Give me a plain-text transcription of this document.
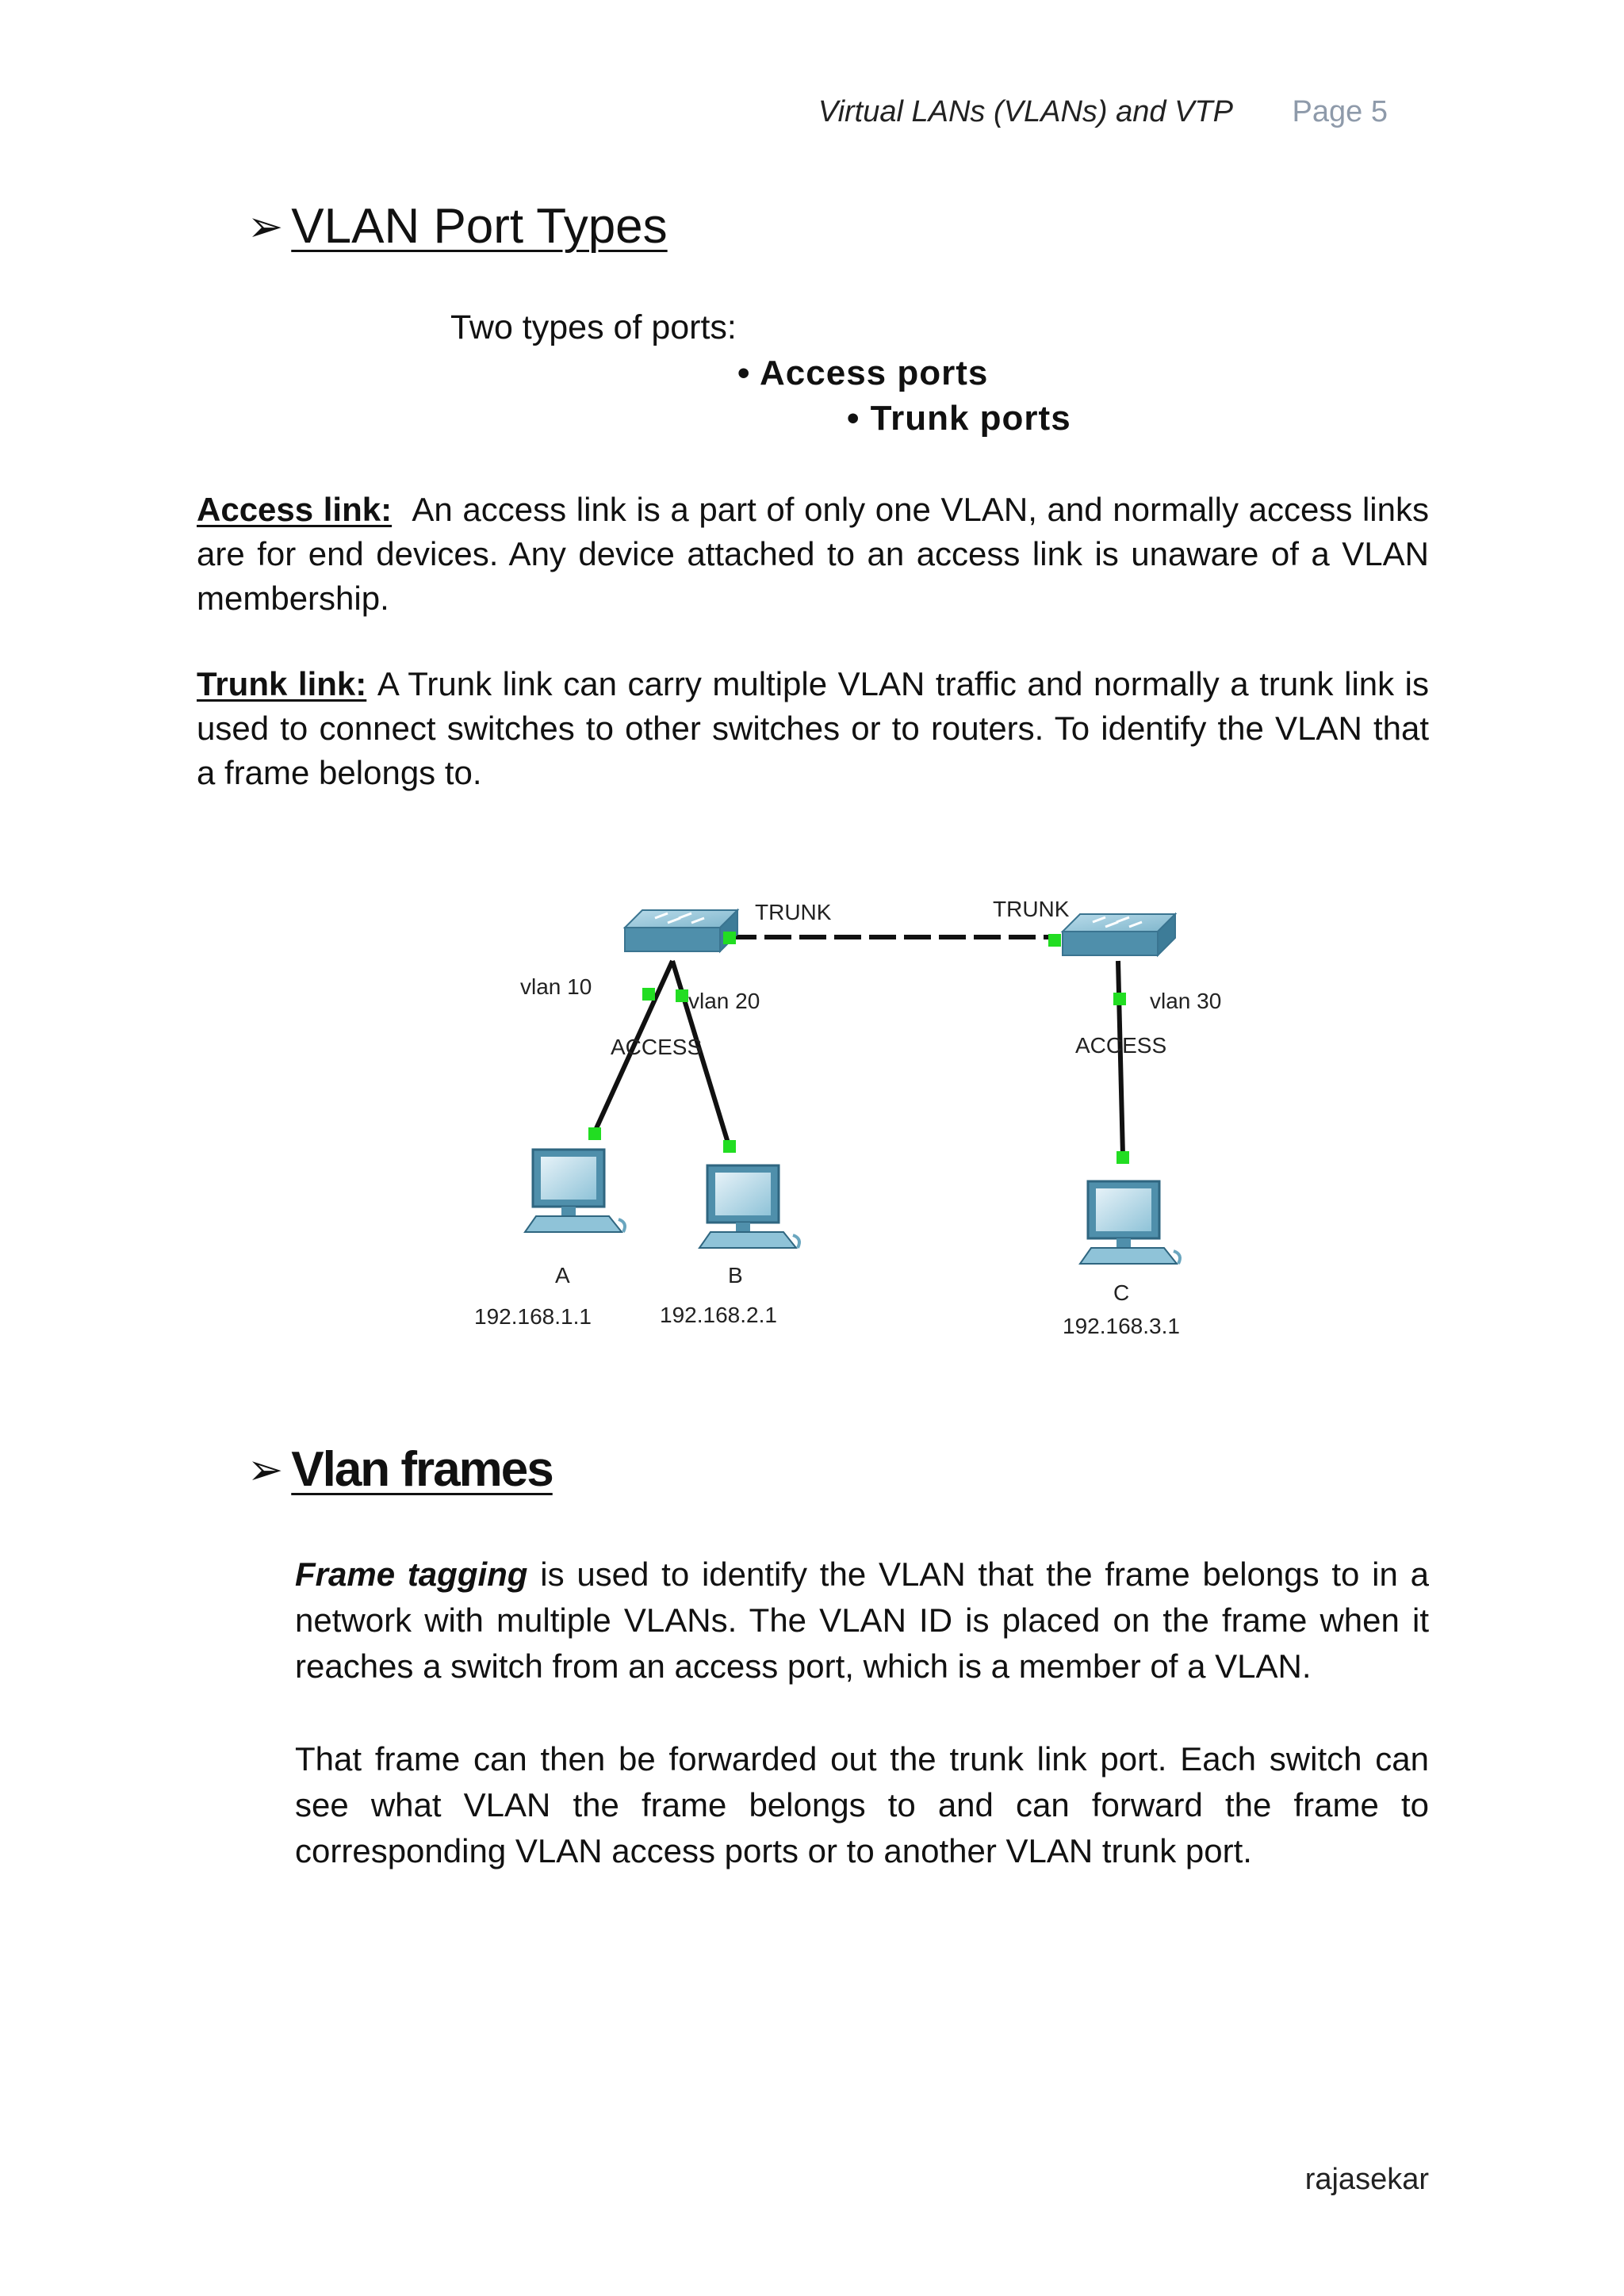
Virtual LANs (VLANs) and VTP Page 5
➢ VLAN Port Types
Two types of ports:
• Access ports
• Trunk ports
Access link: An access link is a part of only one VLAN, and normally access links are for end devices. Any device attached to an access link is unaware of a VLAN membership.
Trunk link: A Trunk link can carry multiple VLAN traffic and normally a trunk link is used to connect switches to other switches or to routers. To identify the VLAN that a frame belongs to.
TRUNK	TRUNK
vlan 10
vlan 20	vlan 30
ACCESS	ACCESS
A
192.168.1.1
B
192.168.2.1
C
192.168.3.1
➢ Vlan frames
Frame tagging is used to identify the VLAN that the frame belongs to in a network with multiple VLANs. The VLAN ID is placed on the frame when it reaches a switch from an access port, which is a member of a VLAN.
That frame can then be forwarded out the trunk link port. Each switch can see what VLAN the frame belongs to and can forward the frame to corresponding VLAN access ports or to another VLAN trunk port.
rajasekar
